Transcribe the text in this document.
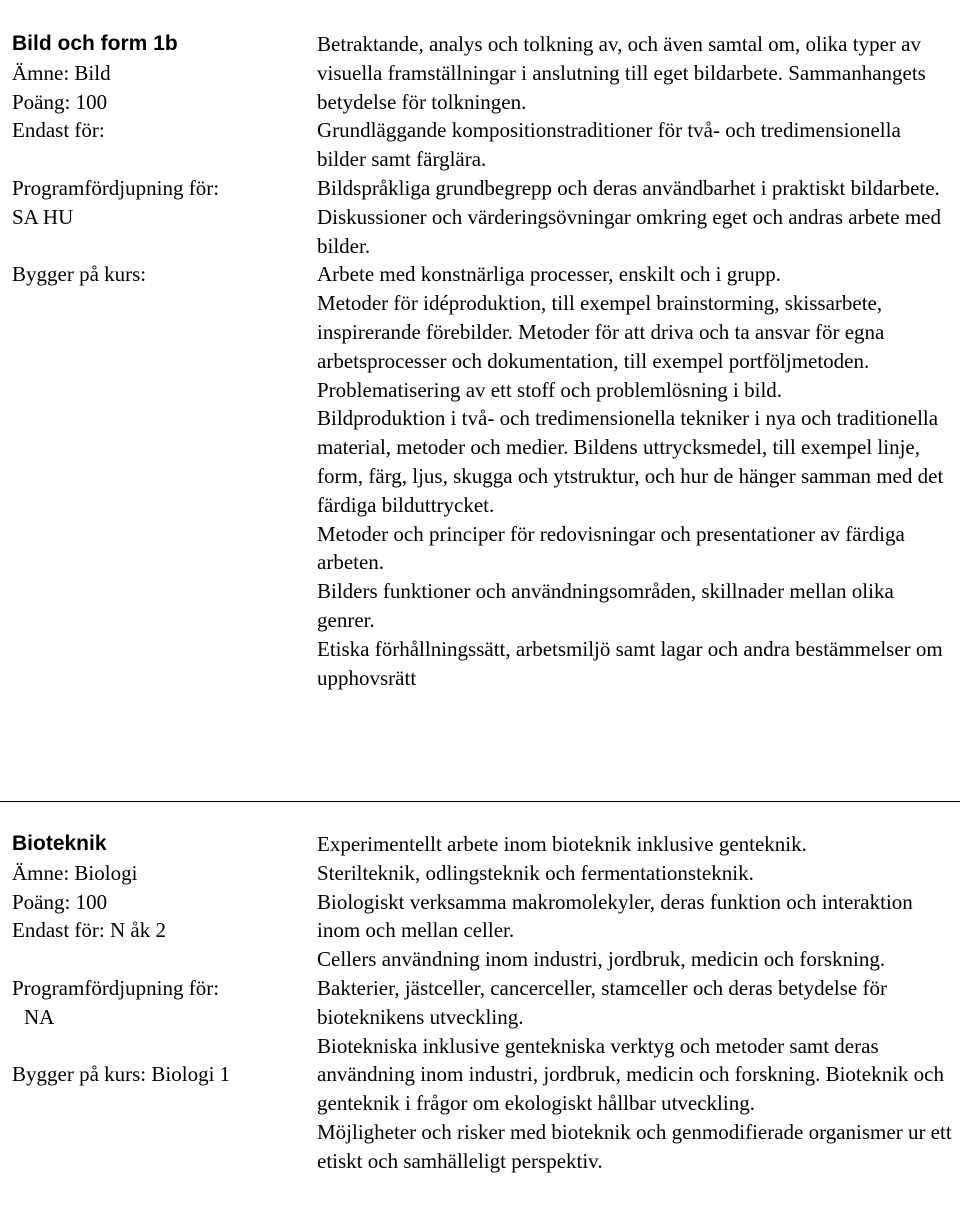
Bild och form 1b
Ämne: Bild
Poäng: 100
Endast för:
Programfördjupning för:
SA HU
Bygger på kurs:

Betraktande, analys och tolkning av, och även samtal om, olika typer av visuella framställningar i anslutning till eget bildarbete. Sammanhangets betydelse för tolkningen.

Grundläggande kompositionstraditioner för två- och tredimensionella bilder samt färglära.

Bildspråkliga grundbegrepp och deras användbarhet i praktiskt bildarbete.

Diskussioner och värderingsövningar omkring eget och andras arbete med bilder.

Arbete med konstnärliga processer, enskilt och i grupp.

Metoder för idéproduktion, till exempel brainstorming, skissarbete, inspirerande förebilder. Metoder för att driva och ta ansvar för egna arbetsprocesser och dokumentation, till exempel portföljmetoden.

Problematisering av ett stoff och problemlösning i bild.

Bildproduktion i två- och tredimensionella tekniker i nya och traditionella material, metoder och medier. Bildens uttrycksmedel, till exempel linje, form, färg, ljus, skugga och ytstruktur, och hur de hänger samman med det färdiga bilduttrycket.

Metoder och principer för redovisningar och presentationer av färdiga arbeten.

Bilders funktioner och användningsområden, skillnader mellan olika genrer.

Etiska förhållningssätt, arbetsmiljö samt lagar och andra bestämmelser om upphovsrätt

Bioteknik
Ämne: Biologi
Poäng: 100
Endast för: N åk 2
Programfördjupning för:
NA
Bygger på kurs: Biologi 1

Experimentellt arbete inom bioteknik inklusive genteknik.

Sterilteknik, odlingsteknik och fermentationsteknik.

Biologiskt verksamma makromolekyler, deras funktion och interaktion inom och mellan celler.

Cellers användning inom industri, jordbruk, medicin och forskning. Bakterier, jästceller, cancerceller, stamceller och deras betydelse för bioteknikens utveckling.

Biotekniska inklusive gentekniska verktyg och metoder samt deras användning inom industri, jordbruk, medicin och forskning. Bioteknik och genteknik i frågor om ekologiskt hållbar utveckling.

Möjligheter och risker med bioteknik och genmodifierade organismer ur ett etiskt och samhälleligt perspektiv.
